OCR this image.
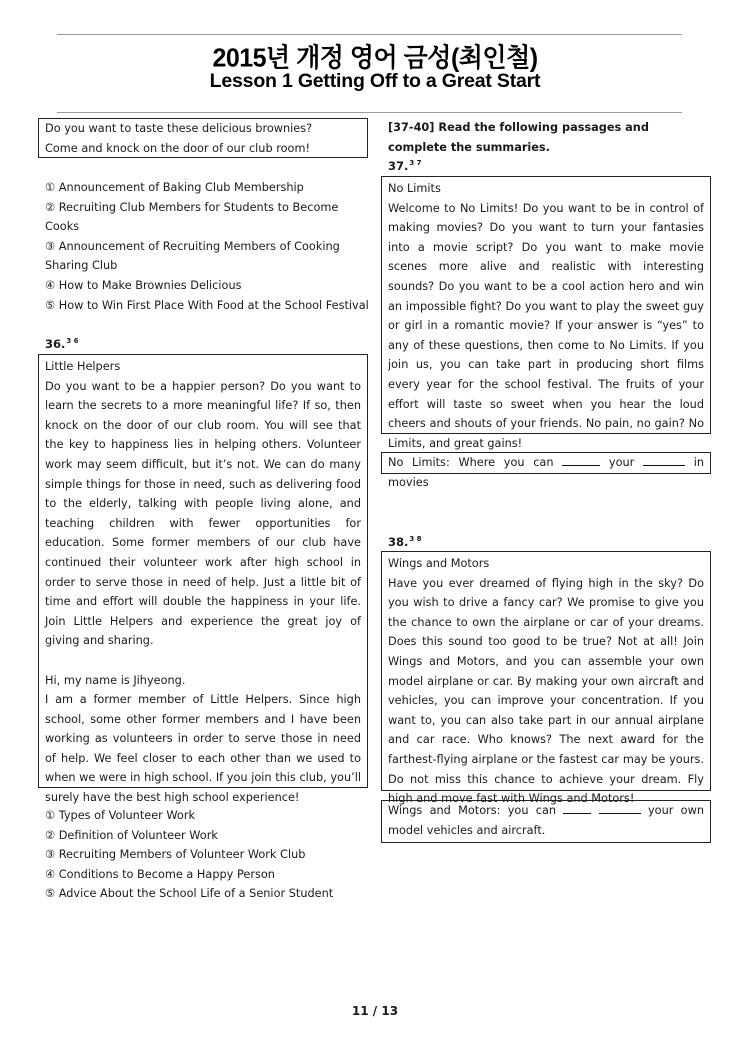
2015년 개정 영어 금성(최인철)
Lesson 1 Getting Off to a Great Start
Do you want to taste these delicious brownies?
Come and knock on the door of our club room!
① Announcement of Baking Club Membership
② Recruiting Club Members for Students to Become Cooks
③ Announcement of Recruiting Members of Cooking
Sharing Club
④ How to Make Brownies Delicious
⑤ How to Win First Place With Food at the School Festival
36.$^{3 6}$
Little Helpers

Do you want to be a happier person? Do you want to learn the secrets to a more meaningful life? If so, then knock on the door of our club room. You will see that the key to happiness lies in helping others. Volunteer work may seem difficult, but it’s not. We can do many simple things for those in need, such as delivering food to the elderly, talking with people living alone, and teaching children with fewer opportunities for education. Some former members of our club have continued their volunteer work after high school in order to serve those in need of help. Just a little bit of time and effort will double the happiness in your life. Join Little Helpers and experience the great joy of giving and sharing.

Hi, my name is Jihyeong.

I am a former member of Little Helpers. Since high school, some other former members and I have been working as volunteers in order to serve those in need of help. We feel closer to each other than we used to when we were in high school. If you join this club, you’ll surely have the best high school experience!

① Types of Volunteer Work
② Definition of Volunteer Work
③ Recruiting Members of Volunteer Work Club
④ Conditions to Become a Happy Person
⑤ Advice About the School Life of a Senior Student
[37-40] Read the following passages and complete the summaries.
37.$^{3 7}$
No Limits

Welcome to No Limits! Do you want to be in control of making movies? Do you want to turn your fantasies into a movie script? Do you want to make movie scenes more alive and realistic with interesting sounds? Do you want to be a cool action hero and win an impossible fight? Do you want to play the sweet guy or girl in a romantic movie? If your answer is “yes” to any of these questions, then come to No Limits. If you join us, you can take part in producing short films every year for the school festival. The fruits of your effort will taste so sweet when you hear the loud cheers and shouts of your friends. No pain, no gain? No Limits, and great gains!

No Limits: Where you can	your	in movies
38.$^{3 8}$
Wings and Motors

Have you ever dreamed of flying high in the sky? Do you wish to drive a fancy car? We promise to give you the chance to own the airplane or car of your dreams. Does this sound too good to be true? Not at all! Join Wings and Motors, and you can assemble your own model airplane or car. By making your own aircraft and vehicles, you can improve your concentration. If you want to, you can also take part in our annual airplane and car race. Who knows? The next award for the farthest-flying airplane or the fastest car may be yours. Do not miss this chance to achieve your dream. Fly high and move fast with Wings and Motors!

Wings and Motors: you can	your own model vehicles and aircraft.

11 / 13
